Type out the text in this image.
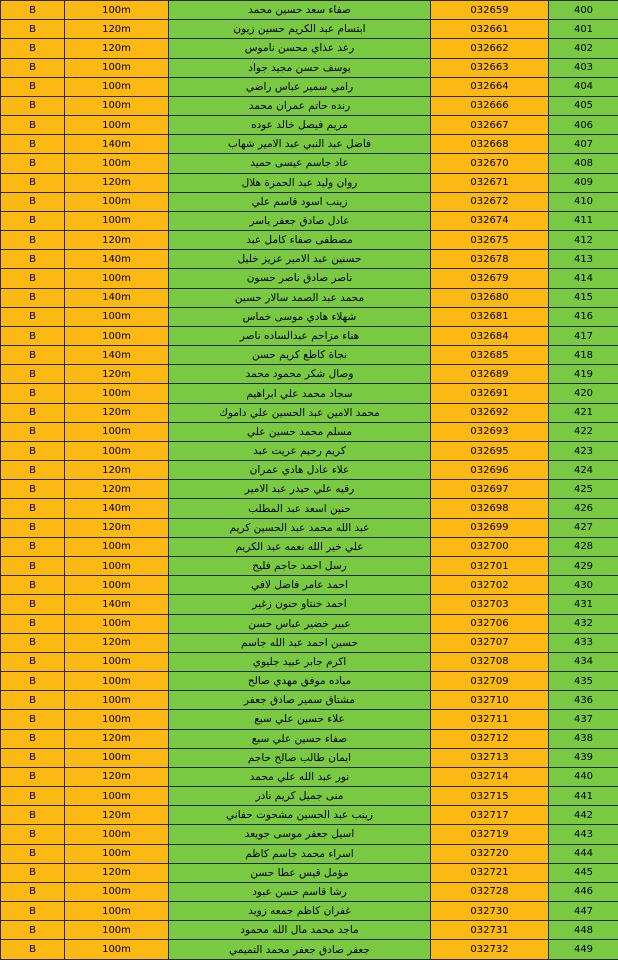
B	100m	صفاء سعد حسين محمد	032659	400
B	120m	ابتسام عبد الكريم حسين زيون	032661	401
B	120m	رعد عذاي محسن ناموس	032662	402
B	100m	يوسف حسن مجيد جواد	032663	403
B	100m	رامي سمير عباس راضي	032664	404
B	100m	رنده حاتم عمران محمد	032666	405
B	100m	مريم فيصل خالد عوده	032667	406
B	140m	فاضل عبد النبي عبد الامير شهاب	032668	407
B	100m	عاد جاسم عيسى حميد	032670	408
B	120m	روان وليد عبد الحمزة هلال	032671	409
B	100m	زينب اسود قاسم علي	032672	410
B	100m	عادل صادق جعفر ياسر	032674	411
B	120m	مصطفى صفاء كامل عبد	032675	412
B	140m	حسنين عبد الامير عزيز خليل	032678	413
B	100m	ناصر صادق ناصر حسون	032679	414
B	140m	محمد عبد الصمد سالار حسين	032680	415
B	100m	شهلاء هادي موسى خماس	032681	416
B	100m	هناء مزاحم عبدالساده ناصر	032684	417
B	140m	نجاة كاطع كريم حسن	032685	418
B	120m	وصال شكر محمود محمد	032689	419
B	100m	سجاد محمد علي ابراهيم	032691	420
B	120m	محمد الامين عبد الحسين علي داموك	032692	421
B	100m	مسلم محمد حسين علي	032693	422
B	100m	كريم رحيم عريت عبد	032695	423
B	120m	علاء عادل هادي عمران	032696	424
B	120m	رقيه علي حيدر عبد الامير	032697	425
B	140m	حنين اسعد عبد المطلب	032698	426
B	120m	عبد الله محمد عبد الحسين كريم	032699	427
B	100m	علي خير الله نعمه عبد الكريم	032700	428
B	100m	رسل احمد حاجم فليح	032701	429
B	100m	احمد عامر فاضل لافي	032702	430
B	140m	احمد خنتاو حنون زغير	032703	431
B	100m	عبير خضير عباس حسن	032706	432
B	120m	حسين احمد عبد الله جاسم	032707	433
B	100m	اكرم جابر عبيد جليوي	032708	434
B	100m	مياده موفق مهدي صالح	032709	435
B	100m	مشتاق سمير صادق جعفر	032710	436
B	100m	علاء حسين علي سبع	032711	437
B	120m	صفاء حسين علي سبع	032712	438
B	100m	ايمان طالب صالح حاجم	032713	439
B	120m	نور عبد الله علي محمد	032714	440
B	100m	منى جميل كريم نادر	032715	441
B	120m	زينب عبد الحسين مشحوت حفاني	032717	442
B	100m	اسيل جعفر موسى جويعد	032719	443
B	100m	اسراء محمد جاسم كاظم	032720	444
B	120m	مؤمل قيس عطا حسن	032721	445
B	100m	رشا قاسم حسن عبود	032728	446
B	100m	غفران كاظم جمعه زويد	032730	447
B	100m	ماجد محمد مال الله محمود	032731	448
B	100m	جعفر صادق جعفر محمد التميمي	032732	449
